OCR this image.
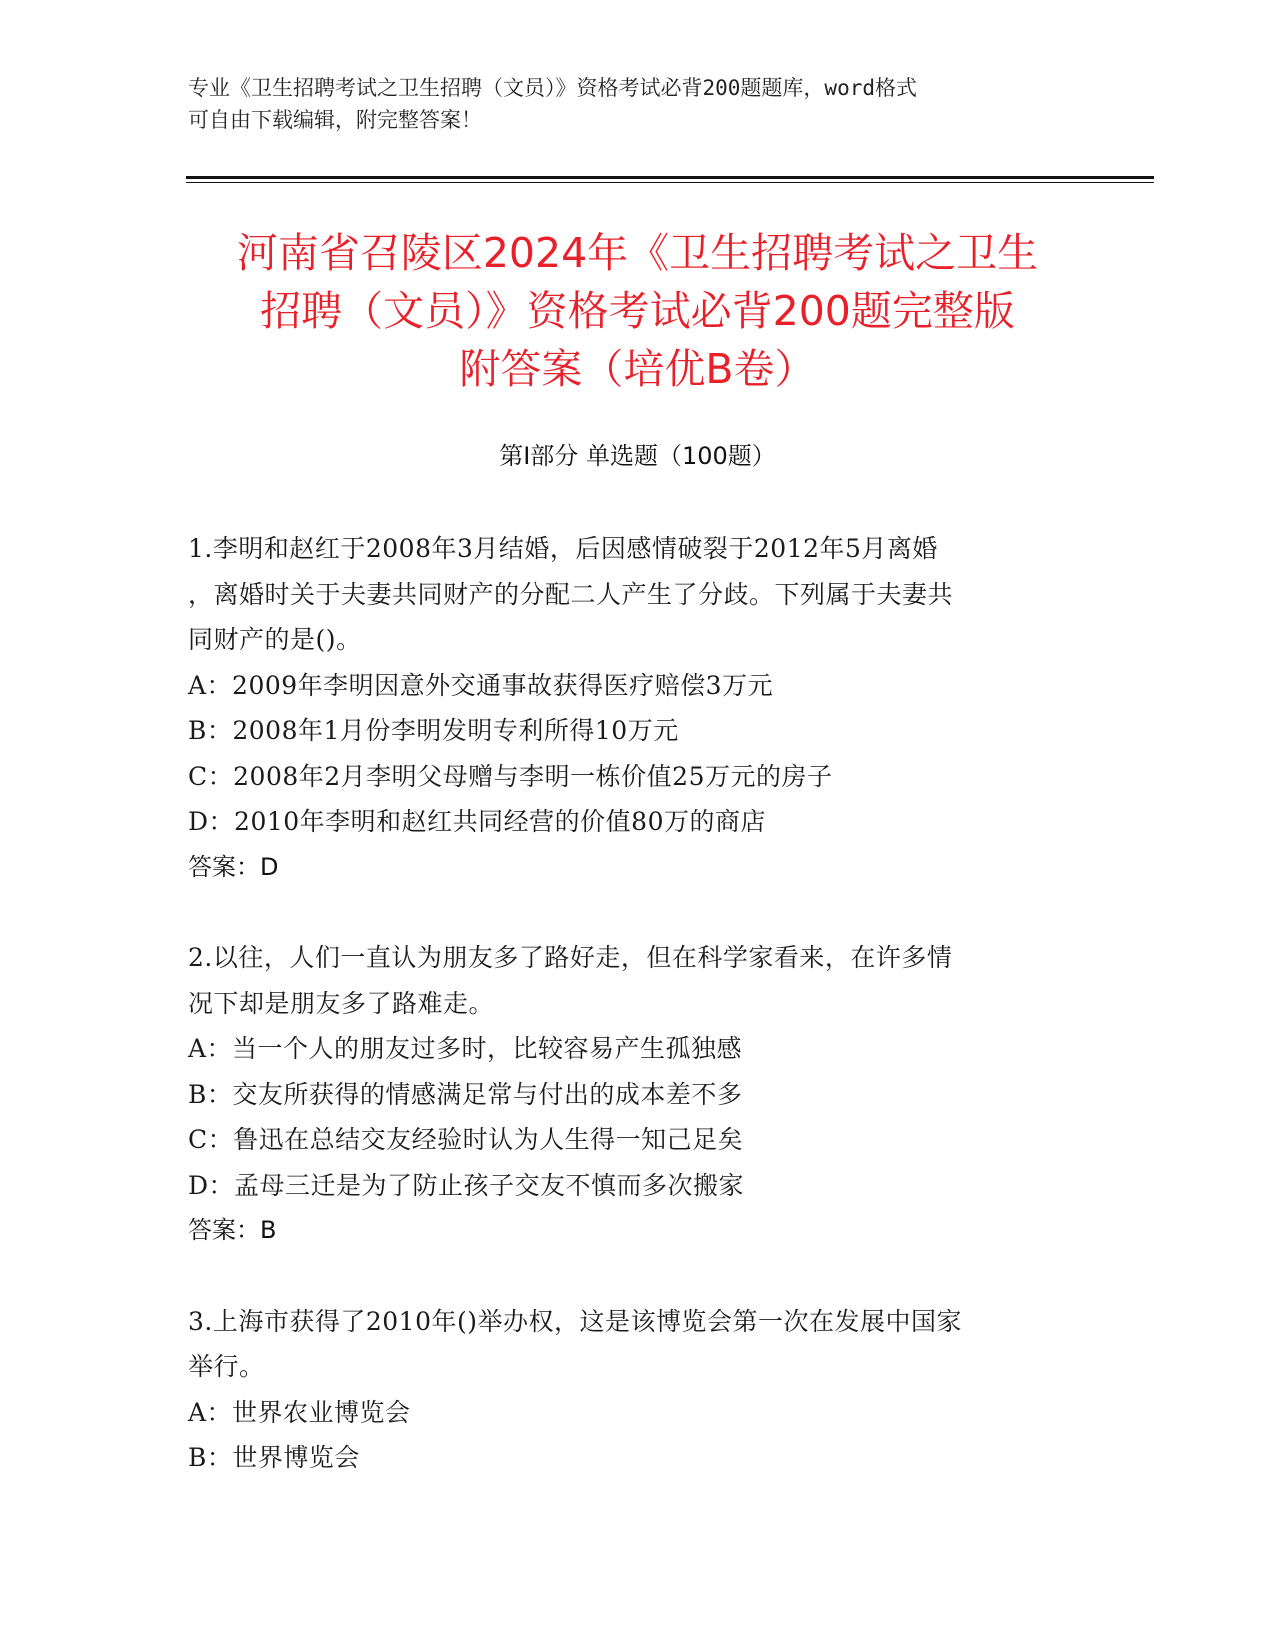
专业《卫生招聘考试之卫生招聘（文员）》资格考试必背200题题库，word格式
可自由下载编辑，附完整答案！
河南省召陵区2024年《卫生招聘考试之卫生
招聘（文员）》资格考试必背200题完整版
附答案（培优B卷）
第Ⅰ部分 单选题（100题）
1.李明和赵红于2008年3月结婚，后因感情破裂于2012年5月离婚
，离婚时关于夫妻共同财产的分配二人产生了分歧。下列属于夫妻共
同财产的是()。
A：2009年李明因意外交通事故获得医疗赔偿3万元
B：2008年1月份李明发明专利所得10万元
C：2008年2月李明父母赠与李明一栋价值25万元的房子
D：2010年李明和赵红共同经营的价值80万的商店
答案：D
2.以往，人们一直认为朋友多了路好走，但在科学家看来，在许多情
况下却是朋友多了路难走。
A：当一个人的朋友过多时，比较容易产生孤独感
B：交友所获得的情感满足常与付出的成本差不多
C：鲁迅在总结交友经验时认为人生得一知己足矣
D：孟母三迁是为了防止孩子交友不慎而多次搬家
答案：B
3.上海市获得了2010年()举办权，这是该博览会第一次在发展中国家
举行。
A：世界农业博览会
B：世界博览会
